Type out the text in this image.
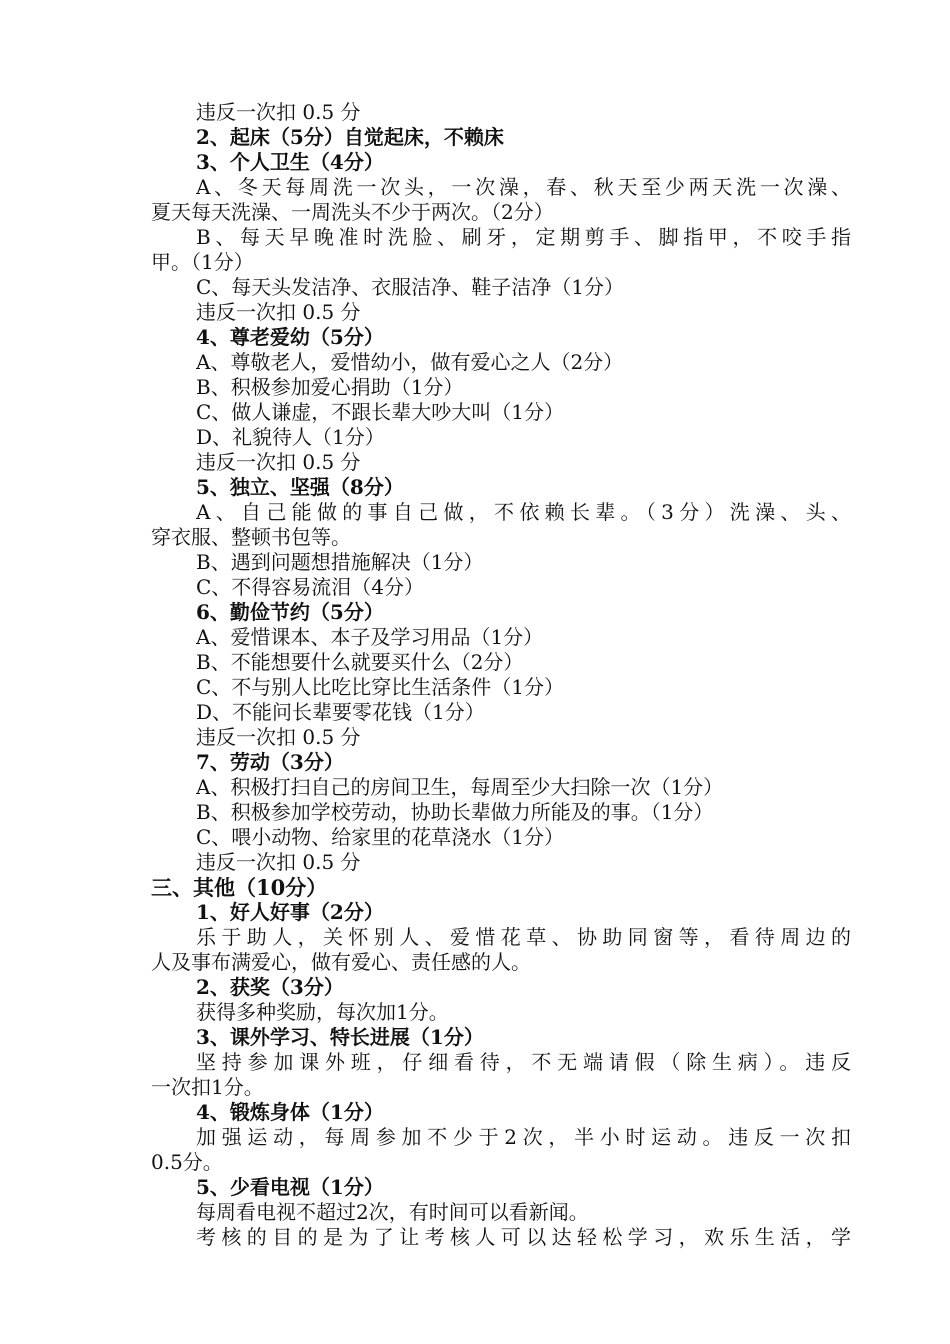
违反一次扣 0.5 分
2、起床（5分）自觉起床，不赖床
3、个人卫生（4分）
A、冬天每周洗一次头，一次澡，春、秋天至少两天洗一次澡、
夏天每天洗澡、一周洗头不少于两次。（2分）
B、每天早晚准时洗脸、刷牙，定期剪手、脚指甲，不咬手指
甲。（1分）
C、每天头发洁净、衣服洁净、鞋子洁净（1分）
违反一次扣 0.5 分
4、尊老爱幼（5分）
A、尊敬老人，爱惜幼小，做有爱心之人（2分）
B、积极参加爱心捐助（1分）
C、做人谦虚，不跟长辈大吵大叫（1分）
D、礼貌待人（1分）
违反一次扣 0.5 分
5、独立、坚强（8分）
A、自己能做的事自己做，不依赖长辈。（3分）洗澡、头、
穿衣服、整顿书包等。
B、遇到问题想措施解决（1分）
C、不得容易流泪（4分）
6、勤俭节约（5分）
A、爱惜课本、本子及学习用品（1分）
B、不能想要什么就要买什么（2分）
C、不与别人比吃比穿比生活条件（1分）
D、不能问长辈要零花钱（1分）
违反一次扣 0.5 分
7、劳动（3分）
A、积极打扫自己的房间卫生，每周至少大扫除一次（1分）
B、积极参加学校劳动，协助长辈做力所能及的事。（1分）
C、喂小动物、给家里的花草浇水（1分）
违反一次扣 0.5 分
三、其他（10分）
1、好人好事（2分）
乐于助人，关怀别人、爱惜花草、协助同窗等，看待周边的
人及事布满爱心，做有爱心、责任感的人。
2、获奖（3分）
获得多种奖励，每次加1分。
3、课外学习、特长进展（1分）
坚持参加课外班，仔细看待，不无端请假（除生病）。违反
一次扣1分。
4、锻炼身体（1分）
加强运动，每周参加不少于2次，半小时运动。违反一次扣
0.5分。
5、少看电视（1分）
每周看电视不超过2次，有时间可以看新闻。
考核的目的是为了让考核人可以达轻松学习，欢乐生活，学
